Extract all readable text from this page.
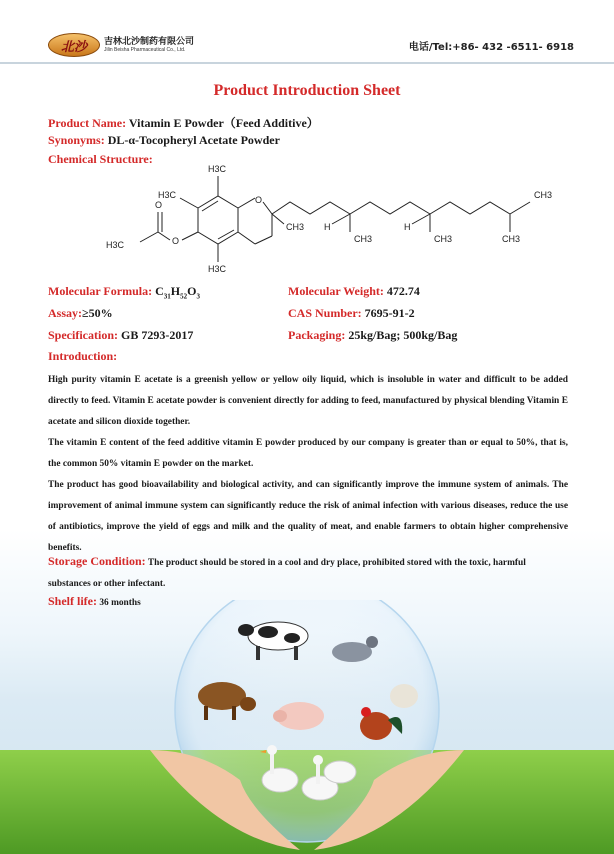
北沙	吉林北沙制药有限公司
Jilin Beisha Pharmaceutical Co., Ltd.	电话/Tel:+86- 432 -6511- 6918
Product Introduction Sheet
Product Name: Vitamin E Powder（Feed Additive）
Synonyms: DL-α-Tocopheryl Acetate Powder
Chemical Structure:
H3C
H3C	O
O
O
H3C
CH3
H3C
H
CH3
H
CH3
CH3
CH3
Molecular Formula: $C_{31}H_{52}O_3$	Molecular Weight: 472.74
Assay:≥50%	CAS Number: 7695-91-2
Specification: GB 7293-2017	Packaging: 25kg/Bag; 500kg/Bag
Introduction:
High purity vitamin E acetate is a greenish yellow or yellow oily liquid, which is insoluble in water and difficult to be added directly to feed. Vitamin E acetate powder is convenient directly for adding to feed, manufactured by physical blending Vitamin E acetate and silicon dioxide together.
The vitamin E content of the feed additive vitamin E powder produced by our company is greater than or equal to 50%, that is, the common 50% vitamin E powder on the market.
The product has good bioavailability and biological activity, and can significantly improve the immune system of animals. The improvement of animal immune system can significantly reduce the risk of animal infection with various diseases, reduce the use of antibiotics, improve the yield of eggs and milk and the quality of meat, and enable farmers to obtain higher comprehensive benefits.
Storage Condition: The product should be stored in a cool and dry place, prohibited stored with the toxic, harmful substances or other infectant.
Shelf life: 36 months
